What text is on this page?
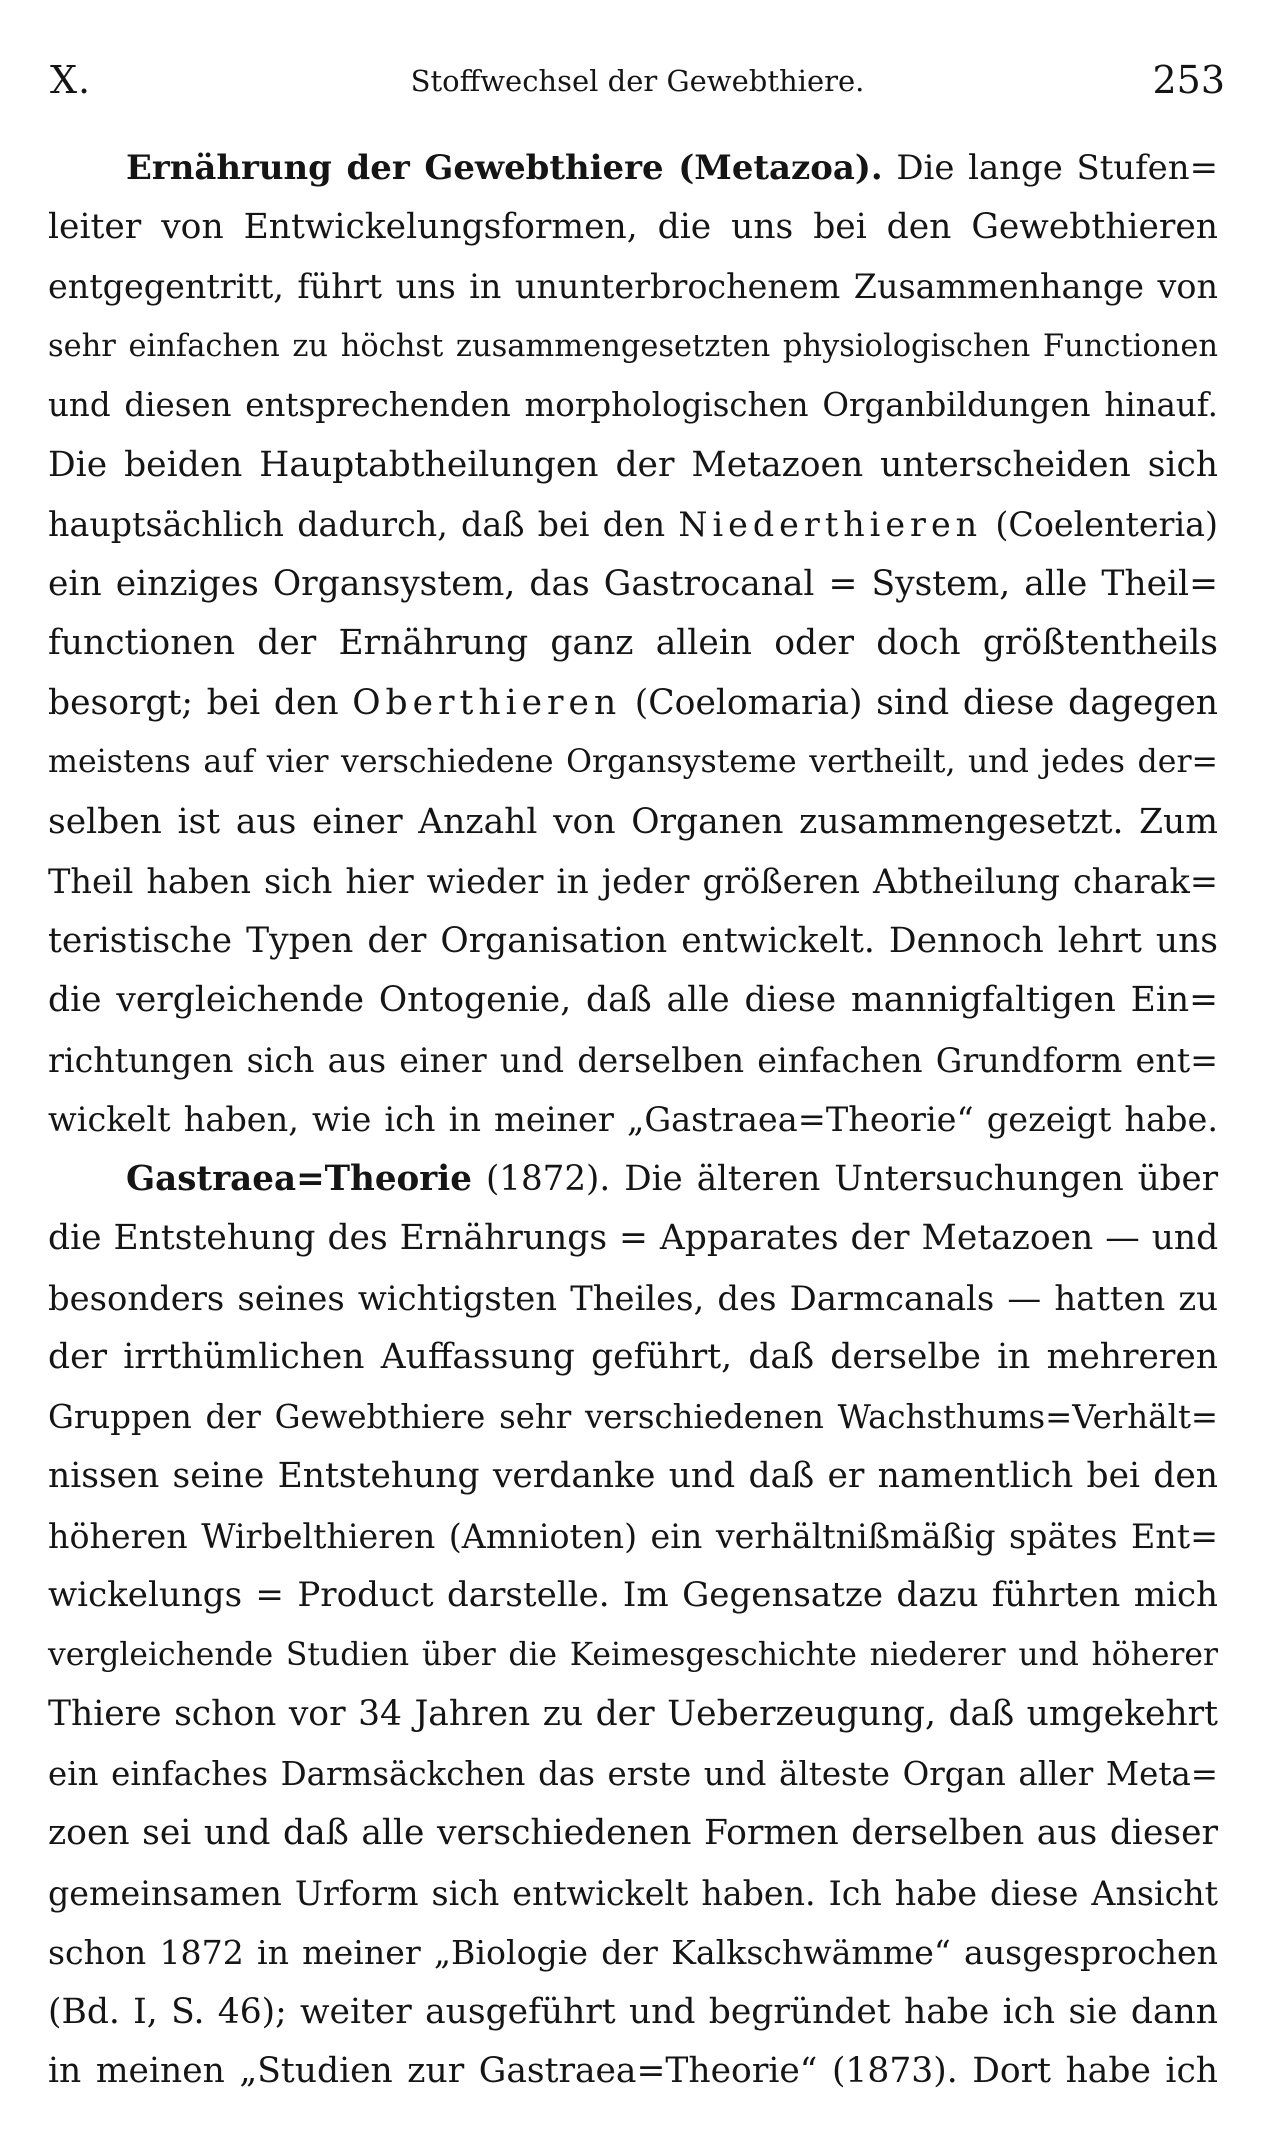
X.	Stoffwechsel der Gewebthiere.	253
Ernährung der Gewebthiere (Metazoa). Die lange Stufen=
leiter von Entwickelungsformen, die uns bei den Gewebthieren
entgegentritt, führt uns in ununterbrochenem Zusammenhange von
sehr einfachen zu höchst zusammengesetzten physiologischen Functionen
und diesen entsprechenden morphologischen Organbildungen hinauf.
Die beiden Hauptabtheilungen der Metazoen unterscheiden sich
hauptsächlich dadurch, daß bei den Niederthieren (Coelenteria)
ein einziges Organsystem, das Gastrocanal = System, alle Theil=
functionen der Ernährung ganz allein oder doch größtentheils
besorgt; bei den Oberthieren (Coelomaria) sind diese dagegen
meistens auf vier verschiedene Organsysteme vertheilt, und jedes der=
selben ist aus einer Anzahl von Organen zusammengesetzt. Zum
Theil haben sich hier wieder in jeder größeren Abtheilung charak=
teristische Typen der Organisation entwickelt. Dennoch lehrt uns
die vergleichende Ontogenie, daß alle diese mannigfaltigen Ein=
richtungen sich aus einer und derselben einfachen Grundform ent=
wickelt haben, wie ich in meiner „Gastraea=Theorie“ gezeigt habe.
Gastraea=Theorie (1872). Die älteren Untersuchungen über
die Entstehung des Ernährungs = Apparates der Metazoen — und
besonders seines wichtigsten Theiles, des Darmcanals — hatten zu
der irrthümlichen Auffassung geführt, daß derselbe in mehreren
Gruppen der Gewebthiere sehr verschiedenen Wachsthums=Verhält=
nissen seine Entstehung verdanke und daß er namentlich bei den
höheren Wirbelthieren (Amnioten) ein verhältnißmäßig spätes Ent=
wickelungs = Product darstelle. Im Gegensatze dazu führten mich
vergleichende Studien über die Keimesgeschichte niederer und höherer
Thiere schon vor 34 Jahren zu der Ueberzeugung, daß umgekehrt
ein einfaches Darmsäckchen das erste und älteste Organ aller Meta=
zoen sei und daß alle verschiedenen Formen derselben aus dieser
gemeinsamen Urform sich entwickelt haben. Ich habe diese Ansicht
schon 1872 in meiner „Biologie der Kalkschwämme“ ausgesprochen
(Bd. I, S. 46); weiter ausgeführt und begründet habe ich sie dann
in meinen „Studien zur Gastraea=Theorie“ (1873). Dort habe ich
